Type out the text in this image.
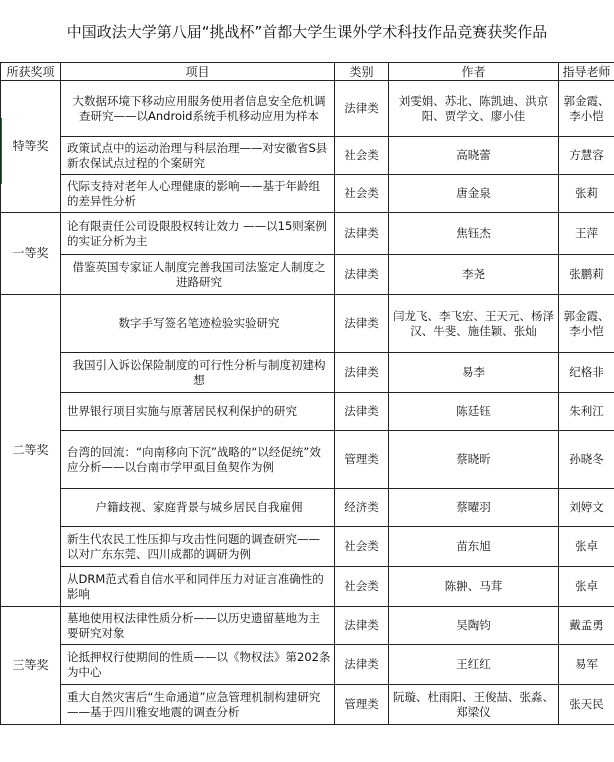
中国政法大学第八届“挑战杯”首都大学生课外学术科技作品竞赛获奖作品
所获奖项	项目	类别	作者	指导老师
特等奖	大数据环境下移动应用服务使用者信息安全危机调查研究——以Android系统手机移动应用为样本	法律类	刘雯娟、苏北、陈凯迪、洪京阳、贾学文、廖小佳	郭金霞、李小恺
	政策试点中的运动治理与科层治理——对安徽省S县新农保试点过程的个案研究	社会类	高晓蕾	方慧容
	代际支持对老年人心理健康的影响——基于年龄组的差异性分析	社会类	唐金泉	张莉
一等奖	论有限责任公司设限股权转让效力 ——以15则案例的实证分析为主	法律类	焦钰杰	王萍
	借鉴英国专家证人制度完善我国司法鉴定人制度之进路研究	法律类	李尧	张鹏莉
二等奖	数字手写签名笔迹检验实验研究	法律类	闫龙飞、李飞宏、王天元、杨泽汉、牛斐、施佳颖、张灿	郭金霞、李小恺
	我国引入诉讼保险制度的可行性分析与制度初建构想	法律类	易李	纪格非
	世界银行项目实施与原著居民权利保护的研究	法律类	陈廷钰	朱利江
	台湾的回流：“向南移向下沉”战略的“以经促统”效应分析——以台南市学甲虱目鱼契作为例	管理类	蔡晓昕	孙晓冬
	户籍歧视、家庭背景与城乡居民自我雇佣	经济类	蔡曜羽	刘婷文
	新生代农民工性压抑与攻击性问题的调查研究——以对广东东莞、四川成都的调研为例	社会类	苗东旭	张卓
	从DRM范式看自信水平和同伴压力对证言准确性的影响	社会类	陈翀、马茸	张卓
三等奖	墓地使用权法律性质分析——以历史遗留墓地为主要研究对象	法律类	吴陶钧	戴孟勇
	论抵押权行使期间的性质——以《物权法》第202条为中心	法律类	王红红	易军
	重大自然灾害后“生命通道”应急管理机制构建研究——基于四川雅安地震的调查分析	管理类	阮璇、杜雨阳、王俊喆、张淼、郑梁仪	张天民
